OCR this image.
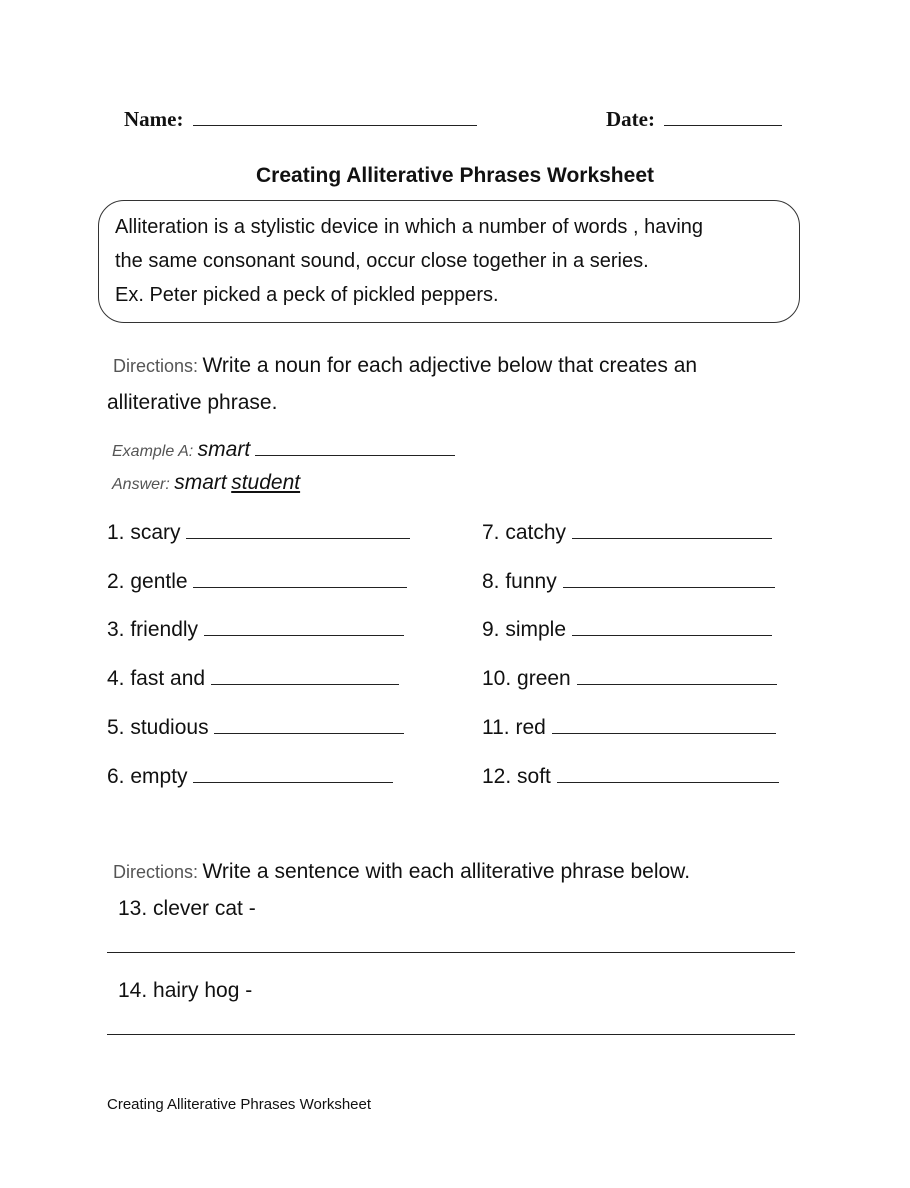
Name:	Date:
Creating Alliterative Phrases Worksheet
Alliteration is a stylistic device in which a number of words , having
the same consonant sound, occur close together in a series.
Ex. Peter picked a peck of pickled peppers.
Directions: Write a noun for each adjective below that creates an
alliterative phrase.
Example A: smart
Answer: smart student
1. scary
2. gentle
3. friendly
4. fast and
5. studious
6. empty
7. catchy
8. funny
9. simple
10. green
11. red
12. soft
Directions: Write a sentence with each alliterative phrase below.
13. clever cat -
14. hairy hog -
Creating Alliterative Phrases Worksheet
